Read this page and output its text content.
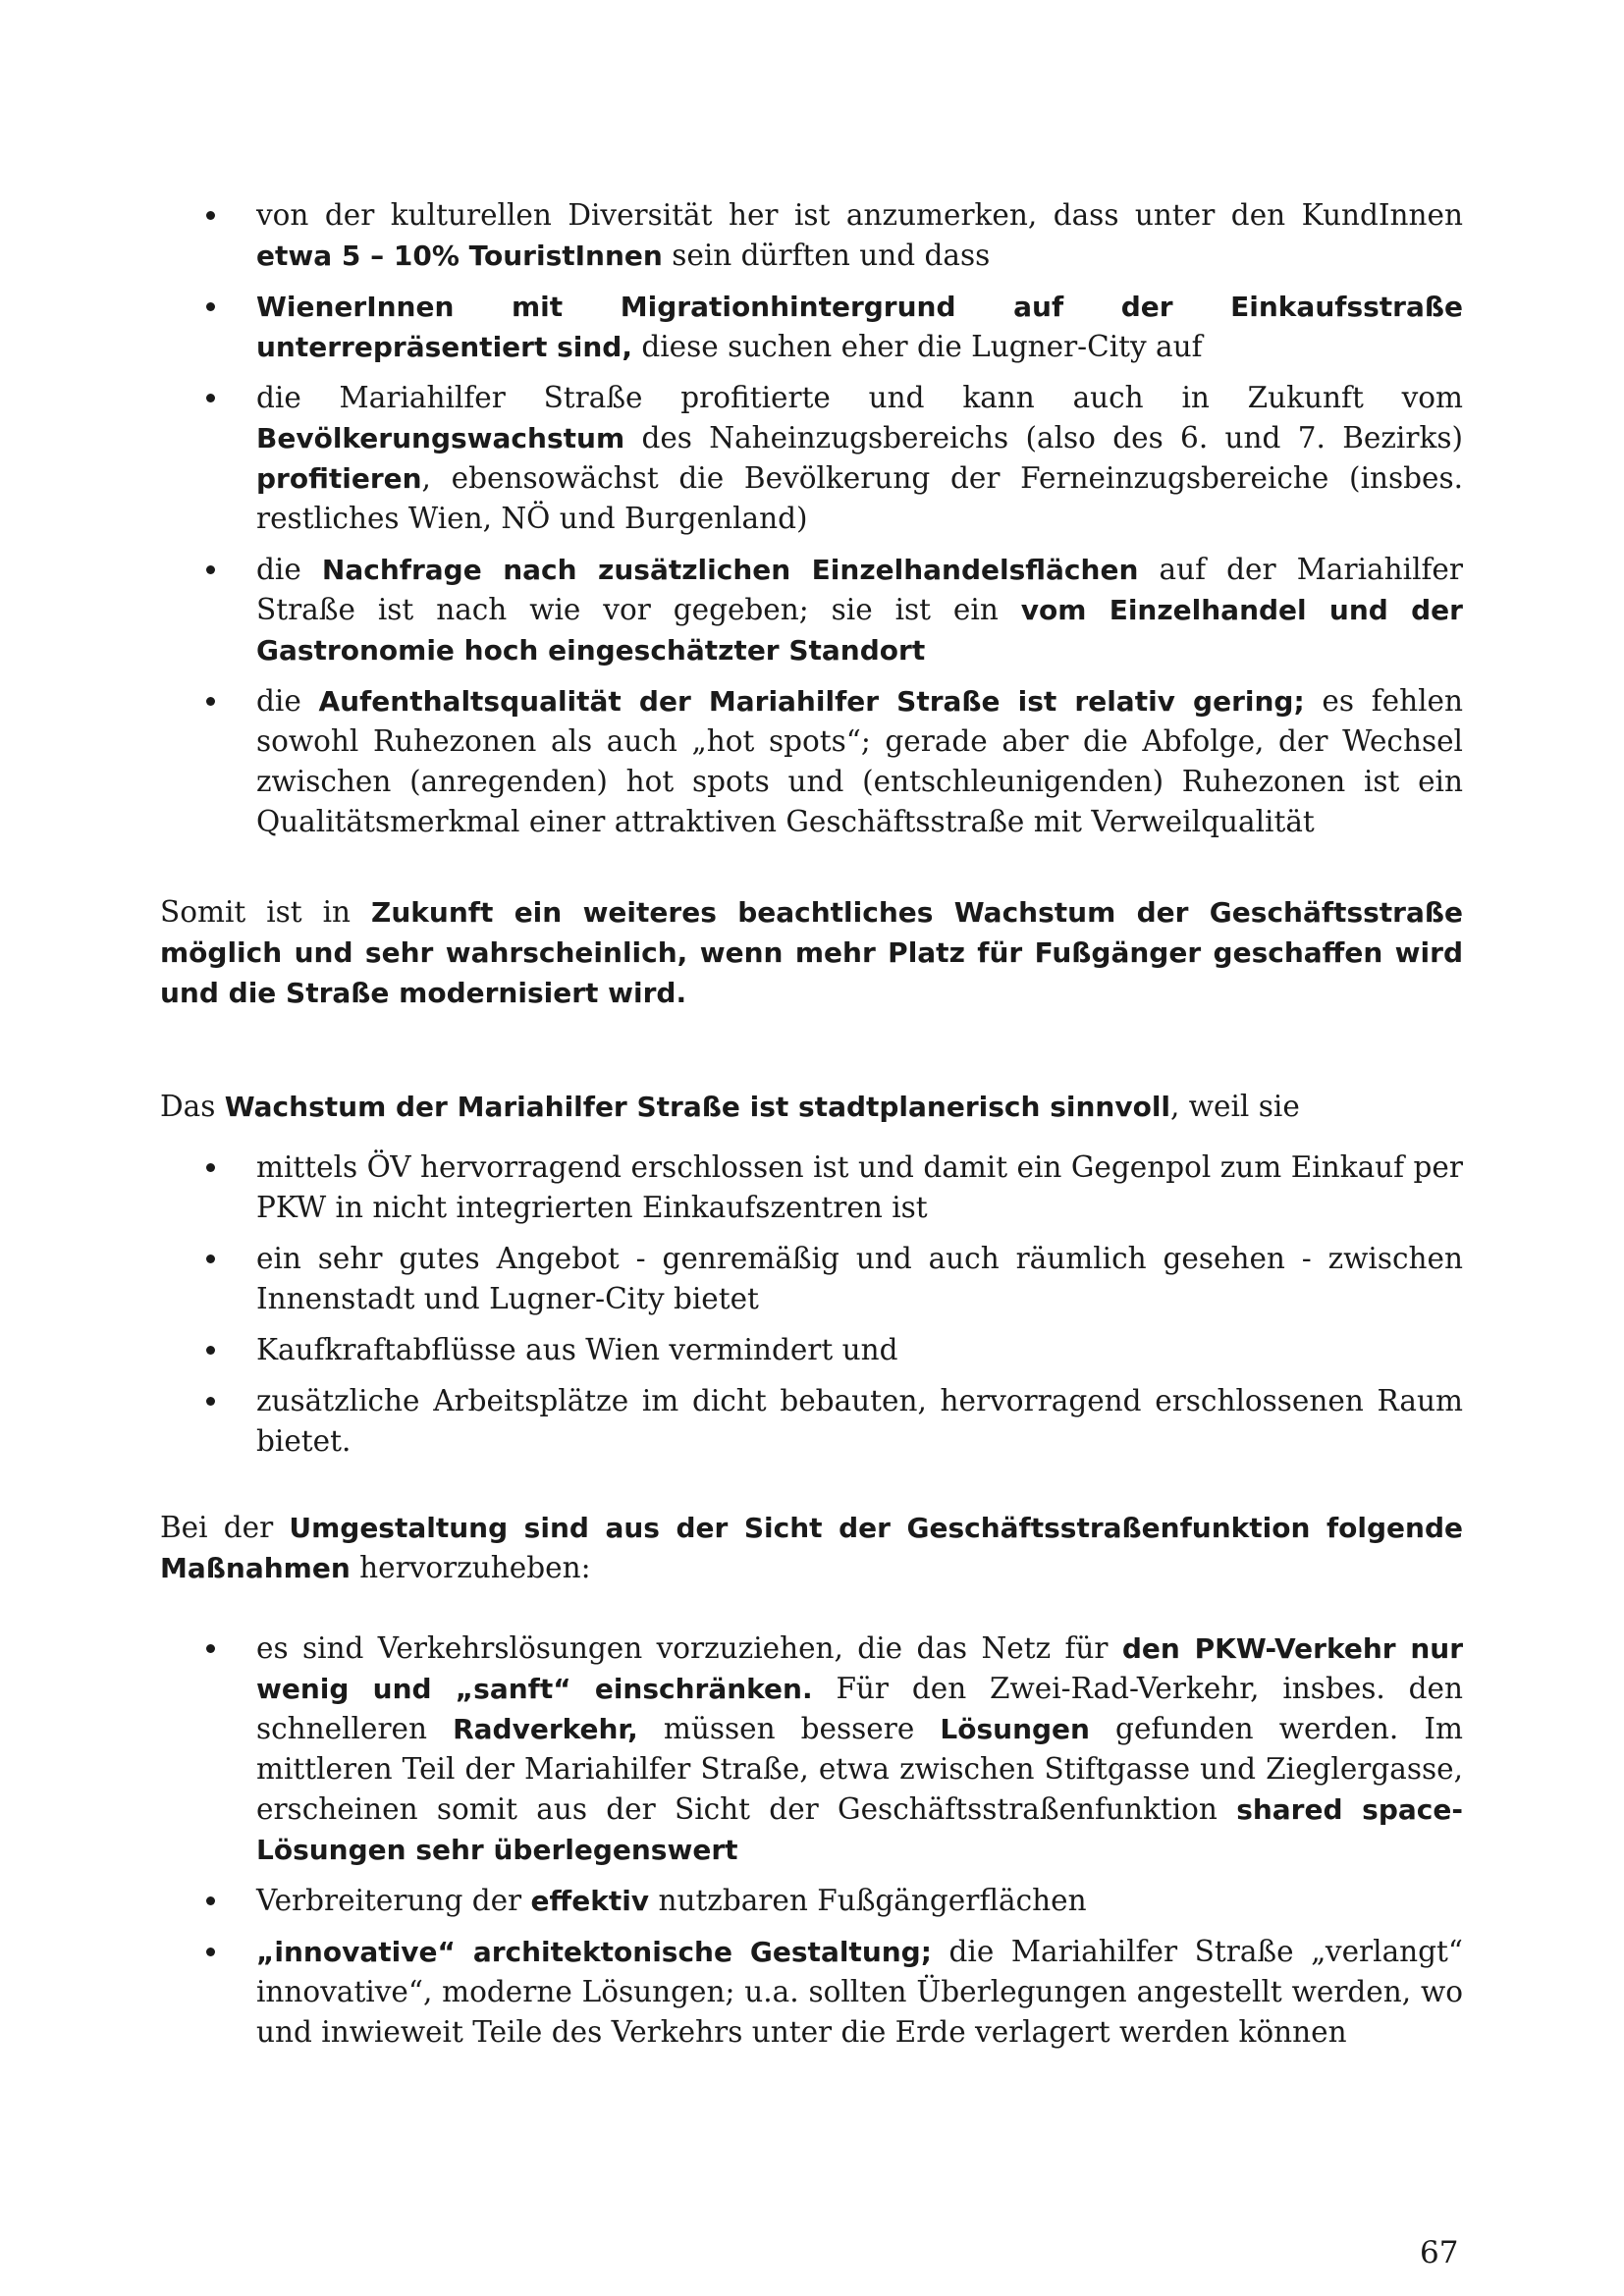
von der kulturellen Diversität her ist anzumerken, dass unter den KundInnen etwa 5 – 10% TouristInnen sein dürften und dass
WienerInnen mit Migrationhintergrund auf der Einkaufsstraße unterrepräsentiert sind, diese suchen eher die Lugner-City auf
die Mariahilfer Straße profitierte und kann auch in Zukunft vom Bevölkerungswachstum des Naheinzugsbereichs (also des 6. und 7. Bezirks) profitieren, ebensowächst die Bevölkerung der Ferneinzugsbereiche (insbes. restliches Wien, NÖ und Burgenland)
die Nachfrage nach zusätzlichen Einzelhandelsflächen auf der Mariahilfer Straße ist nach wie vor gegeben; sie ist ein vom Einzelhandel und der Gastronomie hoch eingeschätzter Standort
die Aufenthaltsqualität der Mariahilfer Straße ist relativ gering; es fehlen sowohl Ruhezonen als auch „hot spots“; gerade aber die Abfolge, der Wechsel zwischen (anregenden) hot spots und (entschleunigenden) Ruhezonen ist ein Qualitätsmerkmal einer attraktiven Geschäftsstraße mit Verweilqualität

Somit ist in Zukunft ein weiteres beachtliches Wachstum der Geschäftsstraße möglich und sehr wahrscheinlich, wenn mehr Platz für Fußgänger geschaffen wird und die Straße modernisiert wird.

Das Wachstum der Mariahilfer Straße ist stadtplanerisch sinnvoll, weil sie

mittels ÖV hervorragend erschlossen ist und damit ein Gegenpol zum Einkauf per PKW in nicht integrierten Einkaufszentren ist
ein sehr gutes Angebot - genremäßig und auch räumlich gesehen - zwischen Innenstadt und Lugner-City bietet
Kaufkraftabflüsse aus Wien vermindert und
zusätzliche Arbeitsplätze im dicht bebauten, hervorragend erschlossenen Raum bietet.

Bei der Umgestaltung sind aus der Sicht der Geschäftsstraßenfunktion folgende Maßnahmen hervorzuheben:

es sind Verkehrslösungen vorzuziehen, die das Netz für den PKW-Verkehr nur wenig und „sanft“ einschränken. Für den Zwei-Rad-Verkehr, insbes. den schnelleren Radverkehr, müssen bessere Lösungen gefunden werden. Im mittleren Teil der Mariahilfer Straße, etwa zwischen Stiftgasse und Zieglergasse, erscheinen somit aus der Sicht der Geschäftsstraßenfunktion shared space-Lösungen sehr überlegenswert
Verbreiterung der effektiv nutzbaren Fußgängerflächen
„innovative“ architektonische Gestaltung; die Mariahilfer Straße „verlangt“ innovative“, moderne Lösungen; u.a. sollten Überlegungen angestellt werden, wo und inwieweit Teile des Verkehrs unter die Erde verlagert werden können
67
